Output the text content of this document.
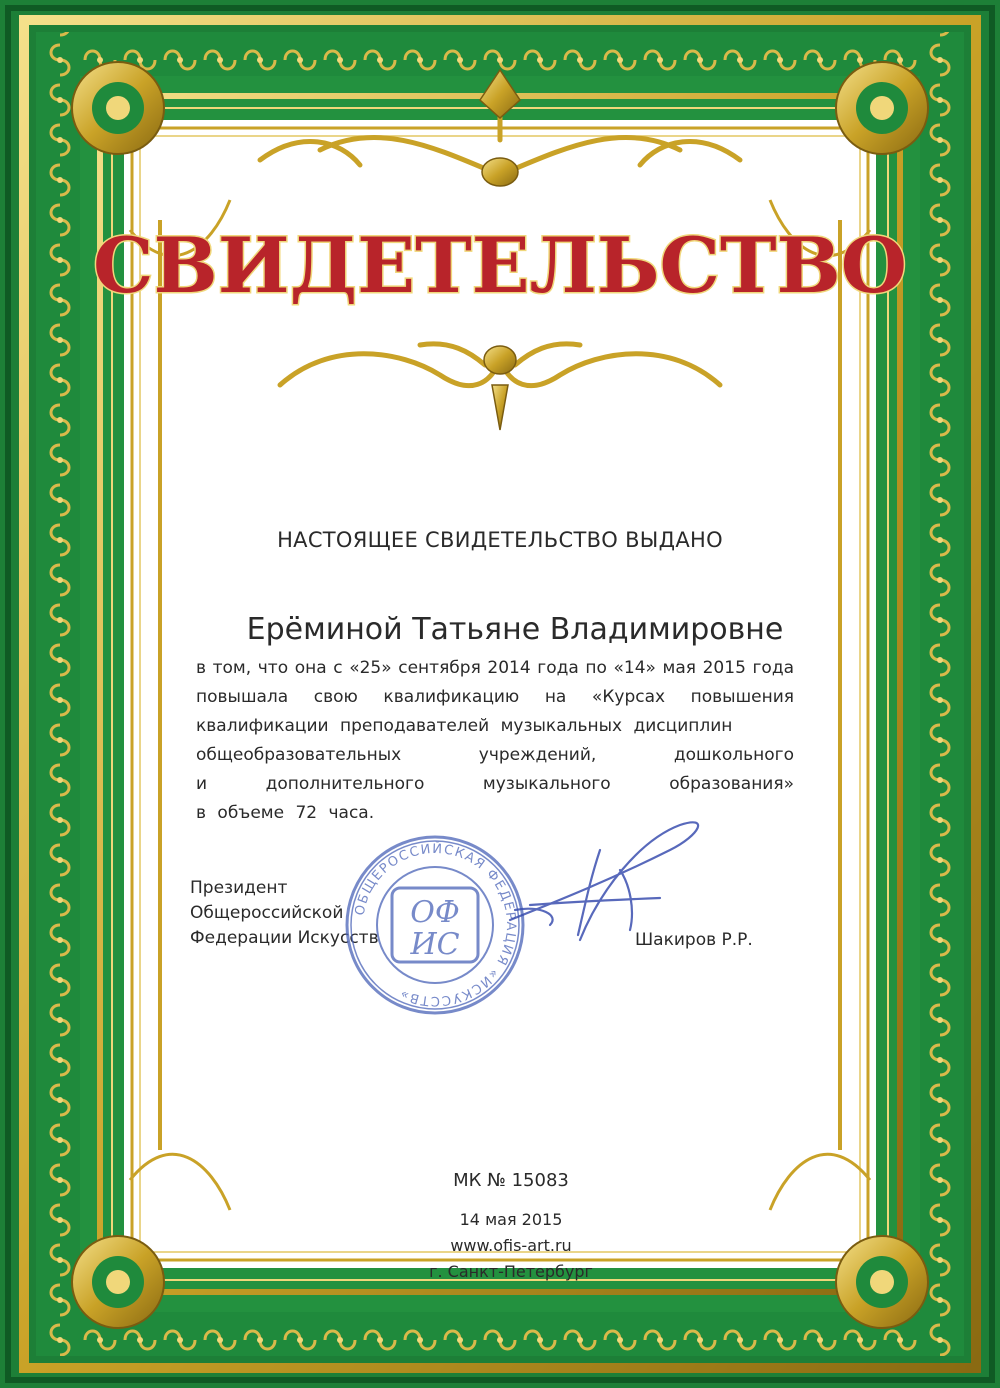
СВИДЕТЕЛЬСТВО
НАСТОЯЩЕЕ СВИДЕТЕЛЬСТВО ВЫДАНО
Ерёминой Татьяне Владимировне
в том, что она с «25» сентября 2014 года по «14» мая 2015 года
повышала свою квалификацию на «Курсах повышения
квалификации преподавателей музыкальных дисциплин
общеобразовательных учреждений, дошкольного
и дополнительного музыкального образования»
в объеме 72 часа.
Президент
Общероссийской
Федерации Искусств
ОБЩЕРОССИЙСКАЯ ФЕДЕРАЦИЯ «ИСКУССТВ»
ОФ
ИС	Шакиров Р.Р.
МК № 15083
14 мая 2015
www.ofis-art.ru
г. Санкт-Петербург
